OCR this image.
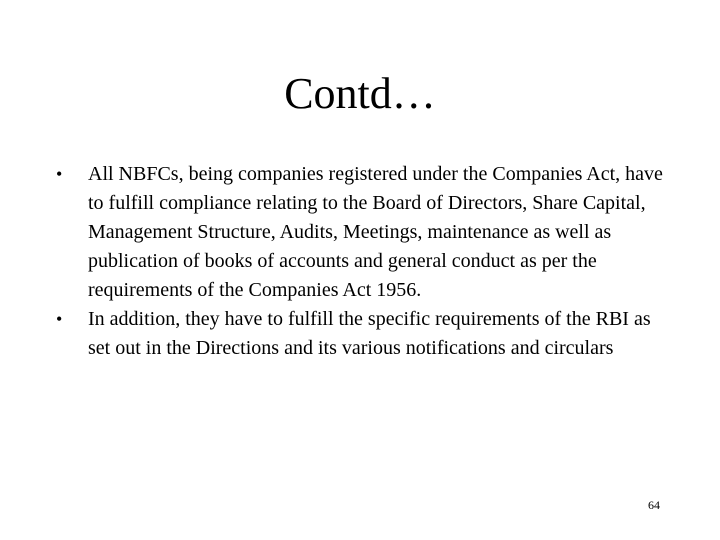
Contd…
•	All NBFCs, being companies registered under the Companies Act, have to fulfill compliance relating to the Board of Directors, Share Capital, Management Structure, Audits, Meetings, maintenance as well as publication of books of accounts and general conduct as per the requirements of the Companies Act 1956.
•	In addition, they have to fulfill the specific requirements of the RBI as set out in the Directions and its various notifications and circulars
64
